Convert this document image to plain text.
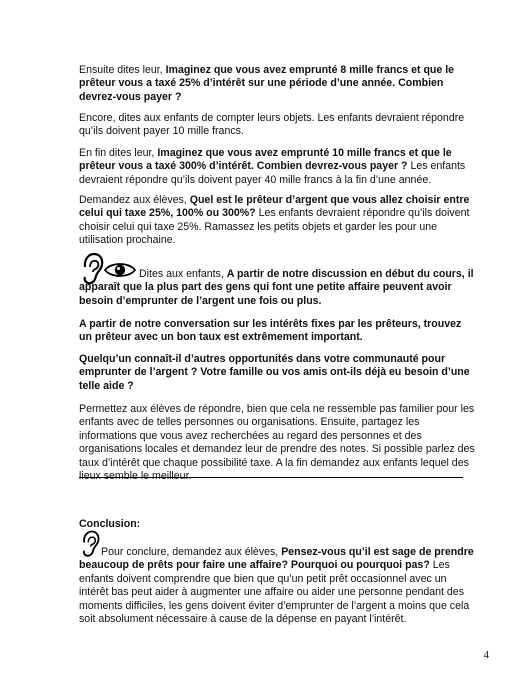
Ensuite dites leur, Imaginez que vous avez emprunté 8 mille francs et que le prêteur vous a taxé 25% d’intérêt sur une période d’une année. Combien devrez-vous payer ?

Encore, dites aux enfants de compter leurs objets. Les enfants devraient répondre qu’ils doivent payer 10 mille francs.

En fin dites leur, Imaginez que vous avez emprunté 10 mille francs et que le prêteur vous a taxé 300% d’intérêt. Combien devrez-vous payer ? Les enfants devraient répondre qu’ils doivent payer 40 mille francs à la fin d’une année.

Demandez aux élèves, Quel est le prêteur d’argent que vous allez choisir entre celui qui taxe 25%, 100% ou 300%? Les enfants devraient répondre qu’ils doivent choisir celui qui taxe 25%. Ramassez les petits objets et garder les pour une utilisation prochaine.

Dites aux enfants, A partir de notre discussion en début du cours, il apparaît que la plus part des gens qui font une petite affaire peuvent avoir besoin d’emprunter de l’argent une fois ou plus.

A partir de notre conversation sur les intérêts fixes par les prêteurs, trouvez un prêteur avec un bon taux est extrêmement important.

Quelqu’un connaît-il d’autres opportunités dans votre communauté pour emprunter de l’argent ? Votre famille ou vos amis ont-ils déjà eu besoin d’une telle aide ?

Permettez aux élèves de répondre, bien que cela ne ressemble pas familier pour les enfants avec de telles personnes ou organisations. Ensuite, partagez les informations que vous avez recherchées au regard des personnes et des organisations locales et demandez leur de prendre des notes. Si possible parlez des taux d’intérêt que chaque possibilité taxe. A la fin demandez aux enfants lequel des lieux semble le meilleur.

Conclusion:

Pour conclure, demandez aux élèves, Pensez-vous qu’il est sage de prendre beaucoup de prêts pour faire une affaire? Pourquoi ou pourquoi pas? Les enfants doivent comprendre que bien que qu’un petit prêt occasionnel avec un intérêt bas peut aider à augmenter une affaire ou aider une personne pendant des moments difficiles, les gens doivent éviter d’emprunter de l’argent a moins que cela soit absolument nécessaire à cause de la dépense en payant l’intérêt.

4
